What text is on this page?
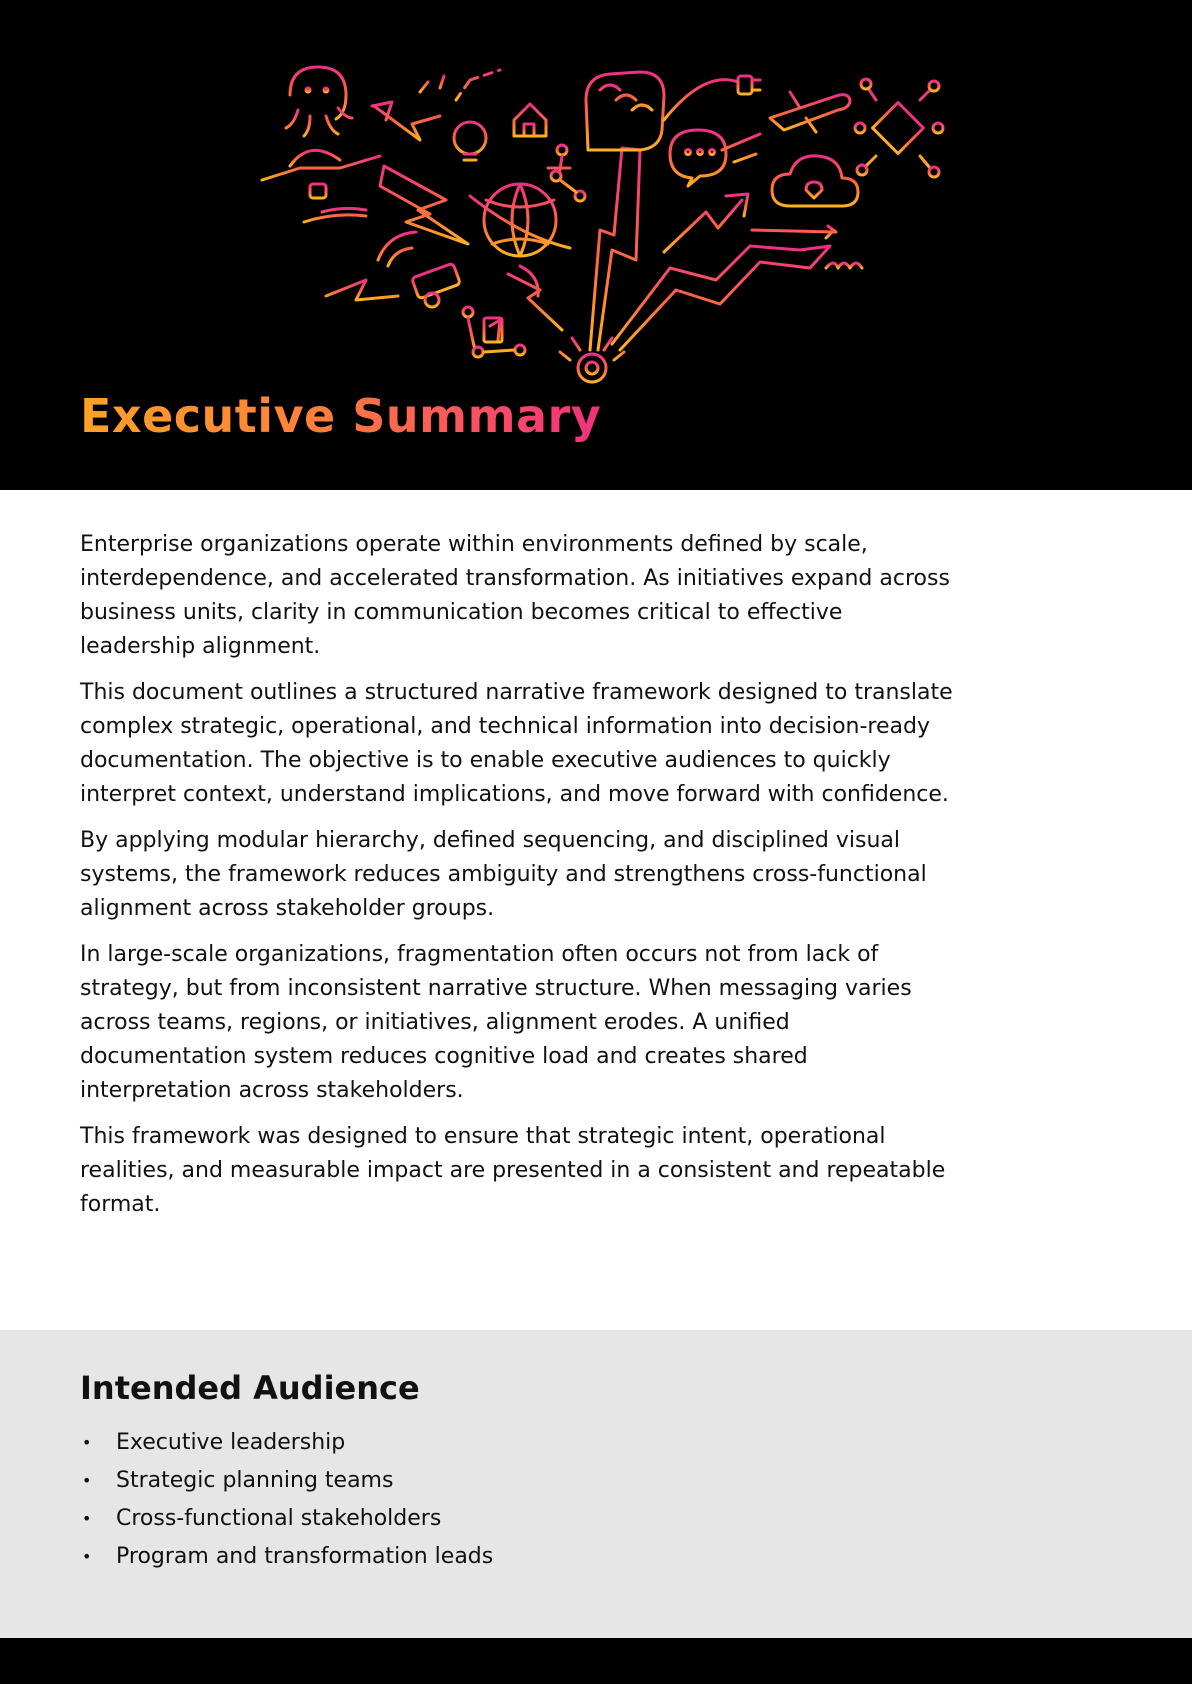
Executive Summary

Enterprise organizations operate within environments defined by scale, interdependence, and accelerated transformation. As initiatives expand across business units, clarity in communication becomes critical to effective leadership alignment.

This document outlines a structured narrative framework designed to translate complex strategic, operational, and technical information into decision-ready documentation. The objective is to enable executive audiences to quickly interpret context, understand implications, and move forward with confidence.

By applying modular hierarchy, defined sequencing, and disciplined visual systems, the framework reduces ambiguity and strengthens cross-functional alignment across stakeholder groups.

In large-scale organizations, fragmentation often occurs not from lack of strategy, but from inconsistent narrative structure. When messaging varies across teams, regions, or initiatives, alignment erodes. A unified documentation system reduces cognitive load and creates shared interpretation across stakeholders.

This framework was designed to ensure that strategic intent, operational realities, and measurable impact are presented in a consistent and repeatable format.

Intended Audience
• Executive leadership
• Strategic planning teams
• Cross-functional stakeholders
• Program and transformation leads
